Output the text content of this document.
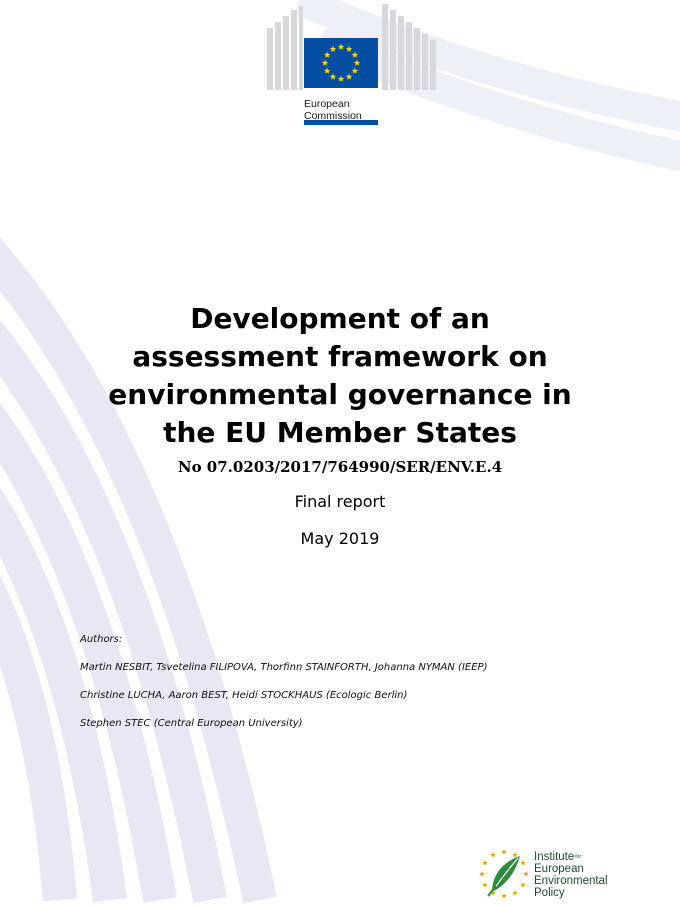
European
Commission
Development of an
assessment framework on
environmental governance in
the EU Member States
No 07.0203/2017/764990/SER/ENV.E.4
Final report
May 2019
Authors:
Martin NESBIT, Tsvetelina FILIPOVA, Thorfinn STAINFORTH, Johanna NYMAN (IEEP)
Christine LUCHA, Aaron BEST, Heidi STOCKHAUS (Ecologic Berlin)
Stephen STEC (Central European University)
Institute$^{for}$
European
Environmental
Policy
